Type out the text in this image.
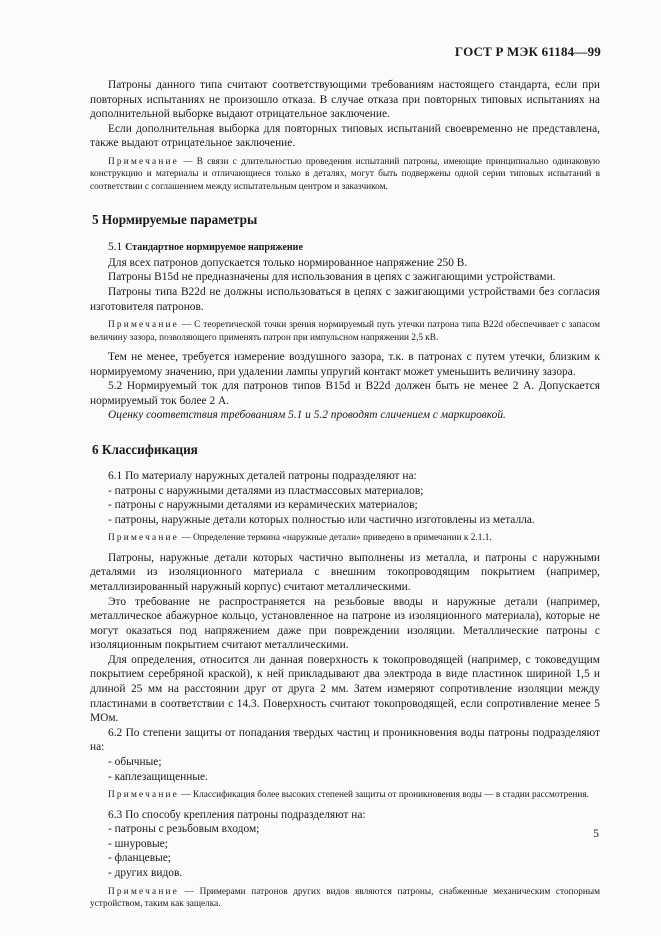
ГОСТ Р МЭК 61184—99

Патроны данного типа считают соответствующими требованиям настоящего стандарта, если при повторных испытаниях не произошло отказа. В случае отказа при повторных типовых испытаниях на дополнительной выборке выдают отрицательное заключение.

Если дополнительная выборка для повторных типовых испытаний своевременно не представлена, также выдают отрицательное заключение.

Примечание — В связи с длительностью проведения испытаний патроны, имеющие принципиально одинаковую конструкцию и материалы и отличающиеся только в деталях, могут быть подвержены одной серии типовых испытаний в соответствии с соглашением между испытательным центром и заказчиком.

5 Нормируемые параметры

5.1 Стандартное нормируемое напряжение

Для всех патронов допускается только нормированное напряжение 250 В.

Патроны B15d не предназначены для использования в цепях с зажигающими устройствами.

Патроны типа B22d не должны использоваться в цепях с зажигающими устройствами без согласия изготовителя патронов.

Примечание — С теоретической точки зрения нормируемый путь утечки патрона типа B22d обеспечивает с запасом величину зазора, позволяющего применять патрон при импульсном напряжении 2,5 кВ.

Тем не менее, требуется измерение воздушного зазора, т.к. в патронах с путем утечки, близким к нормируемому значению, при удалении лампы упругий контакт может уменьшить величину зазора.

5.2 Нормируемый ток для патронов типов B15d и B22d должен быть не менее 2 А. Допускается нормируемый ток более 2 А.

Оценку соответствия требованиям 5.1 и 5.2 проводят сличением с маркировкой.

6 Классификация

6.1 По материалу наружных деталей патроны подразделяют на:

- патроны с наружными деталями из пластмассовых материалов;

- патроны с наружными деталями из керамических материалов;

- патроны, наружные детали которых полностью или частично изготовлены из металла.

Примечание — Определение термина «наружные детали» приведено в примечании к 2.1.1.

Патроны, наружные детали которых частично выполнены из металла, и патроны с наружными деталями из изоляционного материала с внешним токопроводящим покрытием (например, металлизированный наружный корпус) считают металлическими.

Это требование не распространяется на резьбовые вводы и наружные детали (например, металлическое абажурное кольцо, установленное на патроне из изоляционного материала), которые не могут оказаться под напряжением даже при повреждении изоляции. Металлические патроны с изоляционным покрытием считают металлическими.

Для определения, относится ли данная поверхность к токопроводящей (например, с токоведущим покрытием серебряной краской), к ней прикладывают два электрода в виде пластинок шириной 1,5 и длиной 25 мм на расстоянии друг от друга 2 мм. Затем измеряют сопротивление изоляции между пластинами в соответствии с 14.3. Поверхность считают токопроводящей, если сопротивление менее 5 МОм.

6.2 По степени защиты от попадания твердых частиц и проникновения воды патроны подразделяют на:

- обычные;

- каплезащищенные.

Примечание — Классификация более высоких степеней защиты от проникновения воды — в стадии рассмотрения.

6.3 По способу крепления патроны подразделяют на:

- патроны с резьбовым входом;

- шнуровые;

- фланцевые;

- других видов.

Примечание — Примерами патронов других видов являются патроны, снабженные механическим стопорным устройством, таким как защелка.

5
